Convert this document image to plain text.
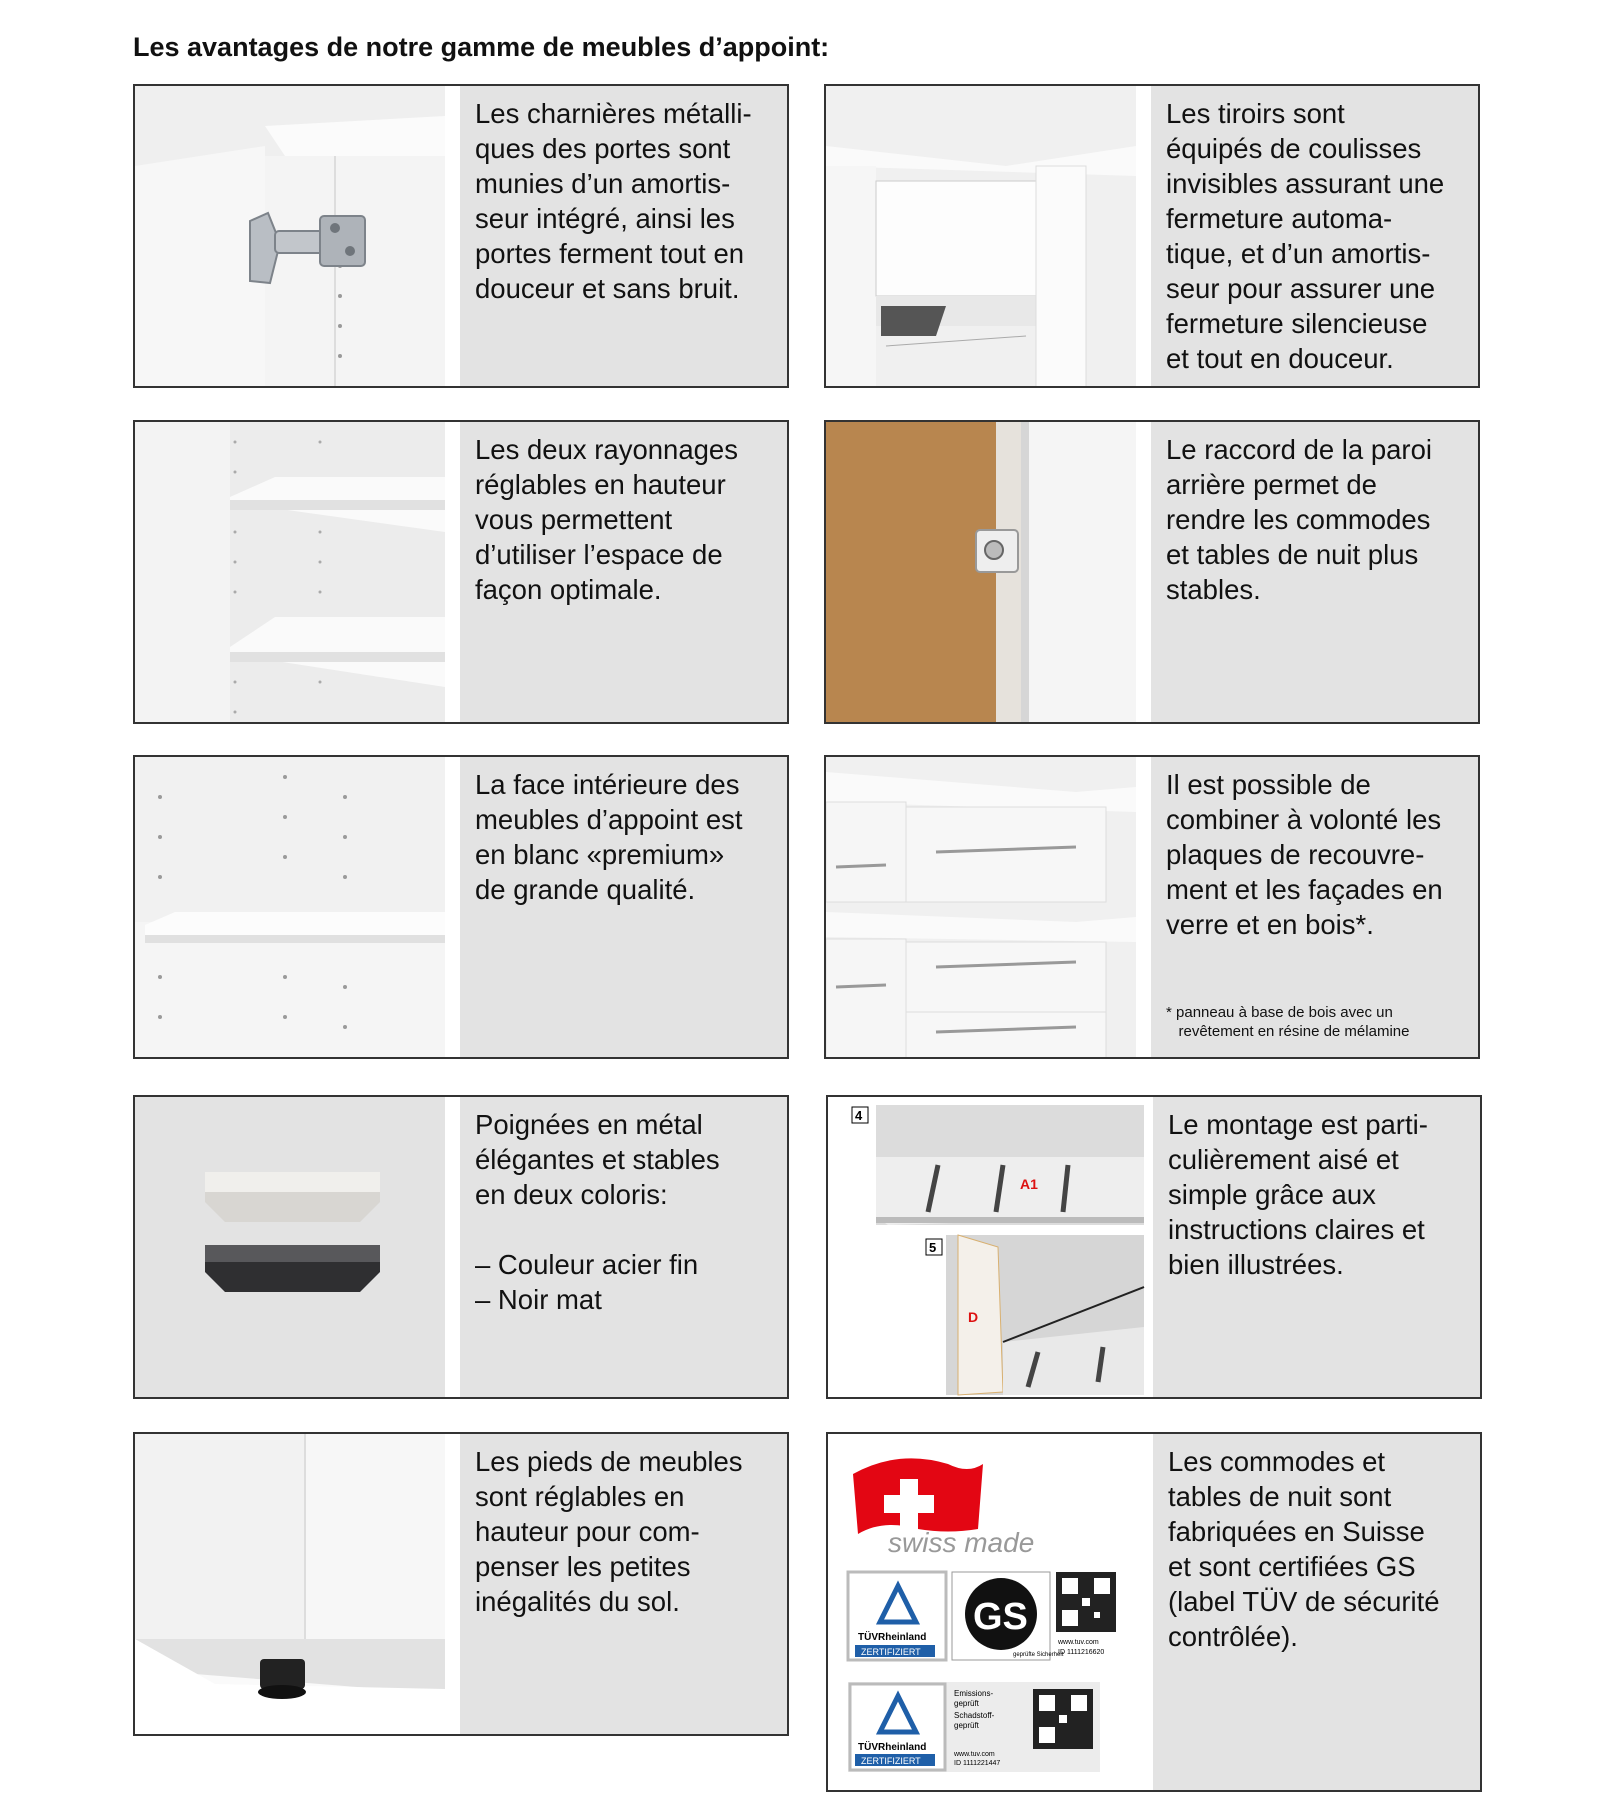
Les avantages de notre gamme de meubles d’appoint:

Les charnières métalli-

ques des portes sont

munies d’un amortis-

seur intégré, ainsi les

portes ferment tout en

douceur et sans bruit.

Les tiroirs sont

équipés de coulisses

invisibles assurant une

fermeture automa-

tique, et d’un amortis-

seur pour assurer une

fermeture silencieuse

et tout en douceur.

Les deux rayonnages

réglables en hauteur

vous permettent

d’utiliser l’espace de

façon optimale.

Le raccord de la paroi

arrière permet de

rendre les commodes

et tables de nuit plus

stables.

La face intérieure des

meubles d’appoint est

en blanc «premium»

de grande qualité.

Il est possible de

combiner à volonté les

plaques de recouvre-

ment et les façades en

verre et en bois*.

* panneau à base de bois avec un
revêtement en résine de mélamine

Poignées en métal

élégantes et stables

en deux coloris:

– Couleur acier fin

– Noir mat

A1
4
D
5

Le montage est parti-

culièrement aisé et

simple grâce aux

instructions claires et

bien illustrées.

Les pieds de meubles

sont réglables en

hauteur pour com-

penser les petites

inégalités du sol.

swiss made
TÜVRheinland
ZERTIFIZIERT
GS
geprüfte Sicherheit
www.tuv.com
ID 1111216620
TÜVRheinland
ZERTIFIZIERT
Emissions-
geprüft
Schadstoff-
geprüft
www.tuv.com
ID 1111221447

Les commodes et

tables de nuit sont

fabriquées en Suisse

et sont certifiées GS

(label TÜV de sécurité

contrôlée).
